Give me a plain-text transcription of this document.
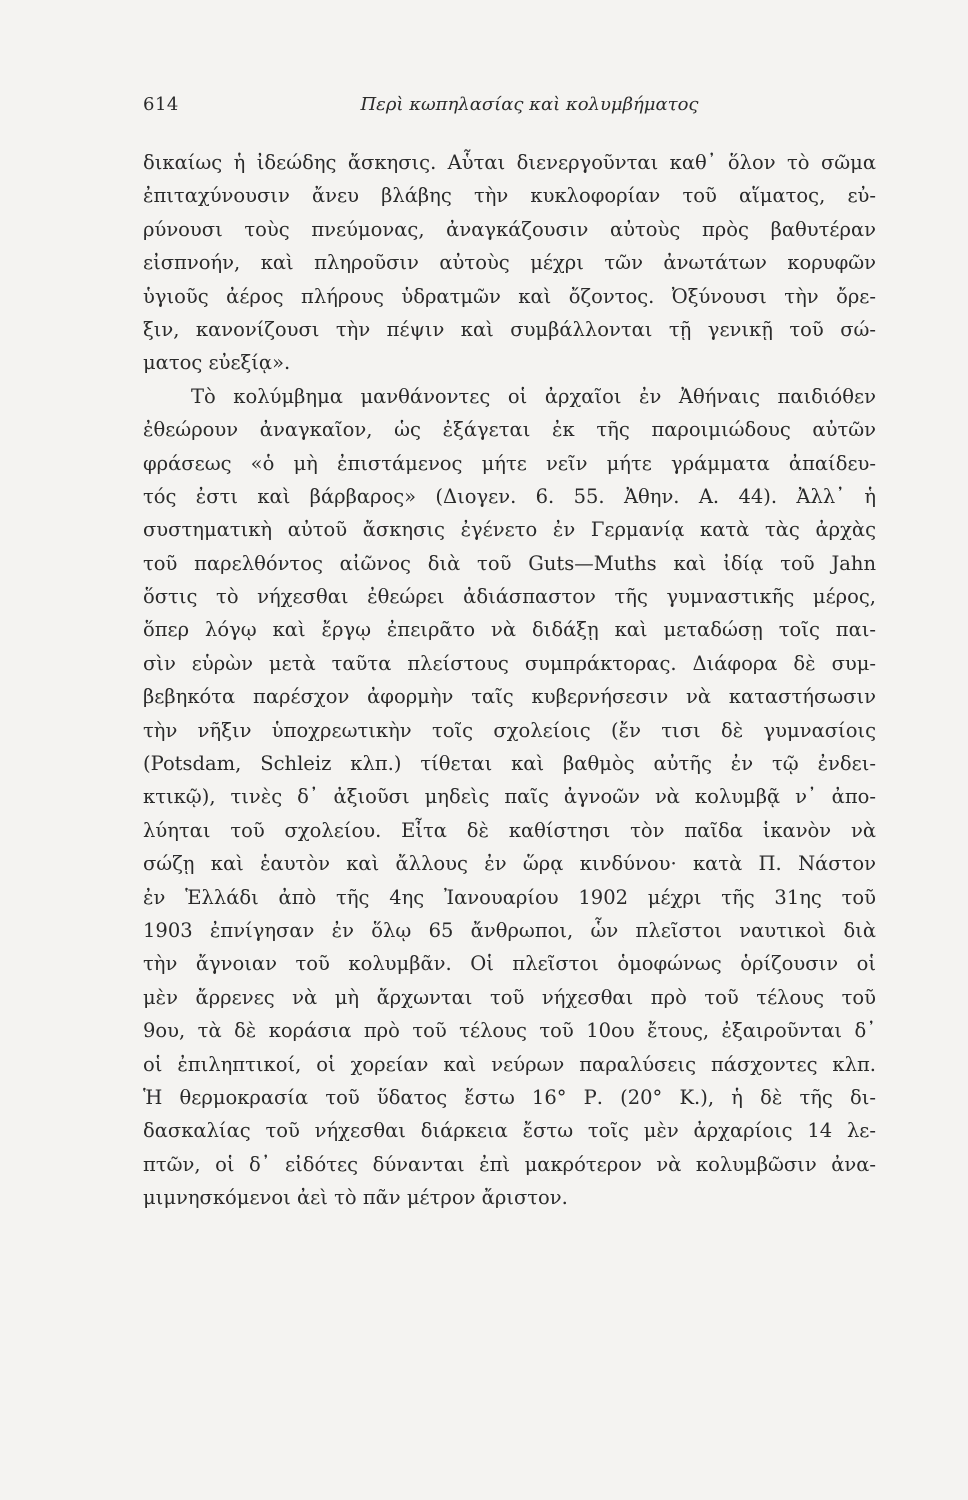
614	Περὶ κωπηλασίας καὶ κολυμβήματος
δικαίως ἡ ἰδεώδης ἄσκησις. Αὗται διενεργοῦνται καθ᾽ ὅλον τὸ σῶμα
ἐπιταχύνουσιν ἄνευ βλάβης τὴν κυκλοφορίαν τοῦ αἵματος, εὐ-
ρύνουσι τοὺς πνεύμονας, ἀναγκάζουσιν αὐτοὺς πρὸς βαθυτέραν
εἰσπνοήν, καὶ πληροῦσιν αὐτοὺς μέχρι τῶν ἀνωτάτων κορυφῶν
ὑγιοῦς ἀέρος πλήρους ὑδρατμῶν καὶ ὄζοντος. Ὀξύνουσι τὴν ὄρε-
ξιν, κανονίζουσι τὴν πέψιν καὶ συμβάλλονται τῇ γενικῇ τοῦ σώ-
ματος εὐεξίᾳ».
Τὸ κολύμβημα μανθάνοντες οἱ ἀρχαῖοι ἐν Ἀθήναις παιδιόθεν
ἐθεώρουν ἀναγκαῖον, ὡς ἐξάγεται ἐκ τῆς παροιμιώδους αὐτῶν
φράσεως «ὁ μὴ ἐπιστάμενος μήτε νεῖν μήτε γράμματα ἀπαίδευ-
τός ἐστι καὶ βάρβαρος» (Διογεν. 6. 55. Ἀθην. Α. 44). Ἀλλ᾽ ἡ
συστηματικὴ αὐτοῦ ἄσκησις ἐγένετο ἐν Γερμανίᾳ κατὰ τὰς ἀρχὰς
τοῦ παρελθόντος αἰῶνος διὰ τοῦ Guts—Muths καὶ ἰδίᾳ τοῦ Jahn
ὅστις τὸ νήχεσθαι ἐθεώρει ἀδιάσπαστον τῆς γυμναστικῆς μέρος,
ὅπερ λόγῳ καὶ ἔργῳ ἐπειρᾶτο νὰ διδάξῃ καὶ μεταδώσῃ τοῖς παι-
σὶν εὑρὼν μετὰ ταῦτα πλείστους συμπράκτορας. Διάφορα δὲ συμ-
βεβηκότα παρέσχον ἀφορμὴν ταῖς κυβερνήσεσιν νὰ καταστήσωσιν
τὴν νῆξιν ὑποχρεωτικὴν τοῖς σχολείοις (ἔν τισι δὲ γυμνασίοις
(Potsdam, Schleiz κλπ.) τίθεται καὶ βαθμὸς αὐτῆς ἐν τῷ ἐνδει-
κτικῷ), τινὲς δ᾽ ἀξιοῦσι μηδεὶς παῖς ἀγνοῶν νὰ κολυμβᾷ ν᾽ ἀπο-
λύηται τοῦ σχολείου. Εἶτα δὲ καθίστησι τὸν παῖδα ἱκανὸν νὰ
σώζῃ καὶ ἑαυτὸν καὶ ἄλλους ἐν ὥρᾳ κινδύνου· κατὰ Π. Νάστον
ἐν Ἑλλάδι ἀπὸ τῆς 4ης Ἰανουαρίου 1902 μέχρι τῆς 31ης τοῦ
1903 ἐπνίγησαν ἐν ὅλῳ 65 ἄνθρωποι, ὧν πλεῖστοι ναυτικοὶ διὰ
τὴν ἄγνοιαν τοῦ κολυμβᾶν. Οἱ πλεῖστοι ὁμοφώνως ὁρίζουσιν οἱ
μὲν ἄρρενες νὰ μὴ ἄρχωνται τοῦ νήχεσθαι πρὸ τοῦ τέλους τοῦ
9ου, τὰ δὲ κοράσια πρὸ τοῦ τέλους τοῦ 10ου ἔτους, ἐξαιροῦνται δ᾽
οἱ ἐπιληπτικοί, οἱ χορείαν καὶ νεύρων παραλύσεις πάσχοντες κλπ.
Ἡ θερμοκρασία τοῦ ὕδατος ἔστω 16° Ρ. (20° Κ.), ἡ δὲ τῆς δι-
δασκαλίας τοῦ νήχεσθαι διάρκεια ἔστω τοῖς μὲν ἀρχαρίοις 14 λε-
πτῶν, οἱ δ᾽ εἰδότες δύνανται ἐπὶ μακρότερον νὰ κολυμβῶσιν ἀνα-
μιμνησκόμενοι ἀεὶ τὸ πᾶν μέτρον ἄριστον.
